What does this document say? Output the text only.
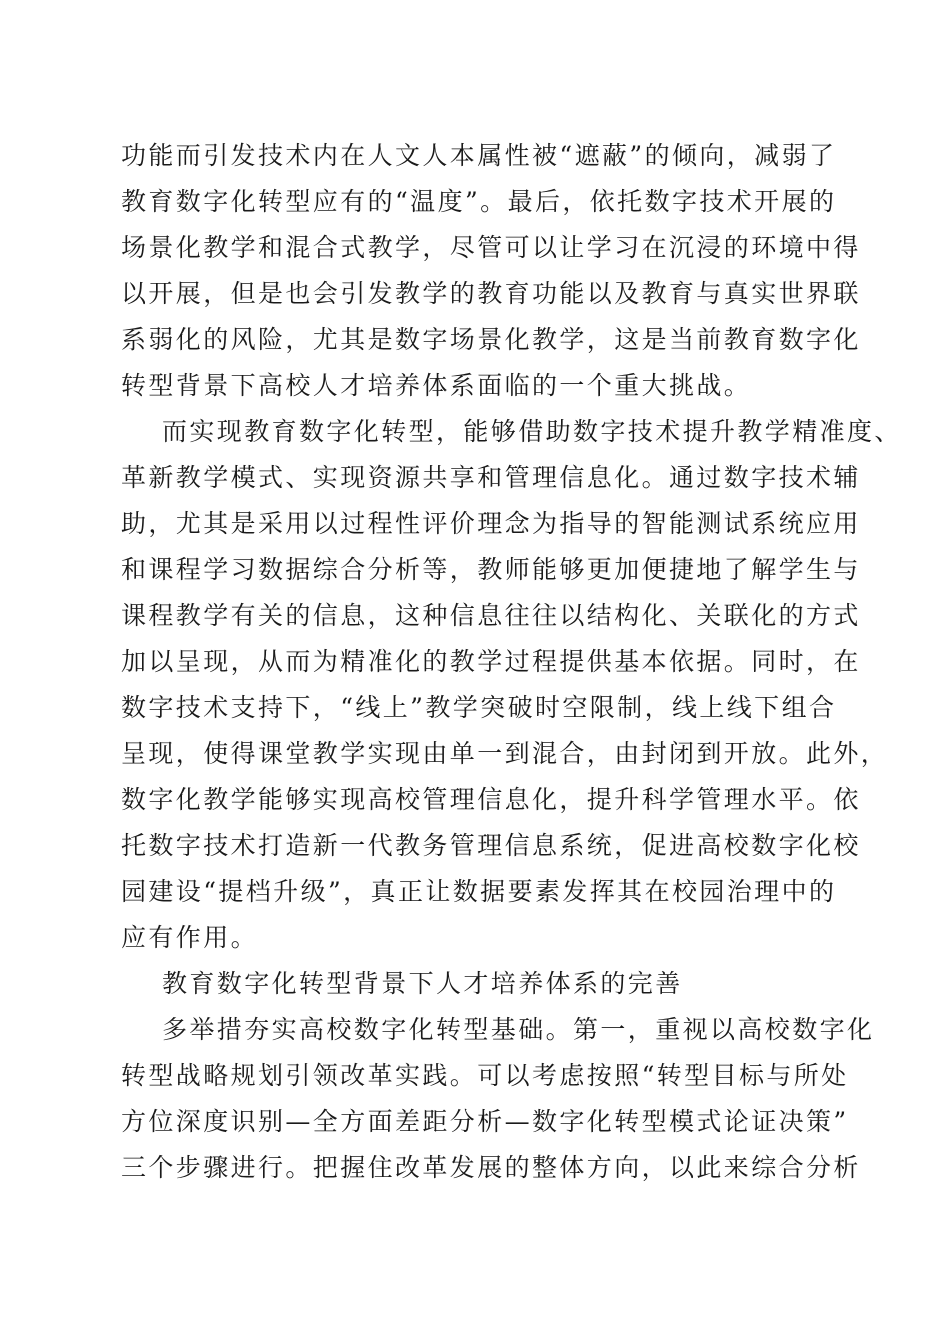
功能而引发技术内在人文人本属性被“遮蔽”的倾向，减弱了
教育数字化转型应有的“温度”。最后，依托数字技术开展的
场景化教学和混合式教学，尽管可以让学习在沉浸的环境中得
以开展，但是也会引发教学的教育功能以及教育与真实世界联
系弱化的风险，尤其是数字场景化教学，这是当前教育数字化
转型背景下高校人才培养体系面临的一个重大挑战。
而实现教育数字化转型，能够借助数字技术提升教学精准度、
革新教学模式、实现资源共享和管理信息化。通过数字技术辅
助，尤其是采用以过程性评价理念为指导的智能测试系统应用
和课程学习数据综合分析等，教师能够更加便捷地了解学生与
课程教学有关的信息，这种信息往往以结构化、关联化的方式
加以呈现，从而为精准化的教学过程提供基本依据。同时，在
数字技术支持下，“线上”教学突破时空限制，线上线下组合
呈现，使得课堂教学实现由单一到混合，由封闭到开放。此外，
数字化教学能够实现高校管理信息化，提升科学管理水平。依
托数字技术打造新一代教务管理信息系统，促进高校数字化校
园建设“提档升级”，真正让数据要素发挥其在校园治理中的
应有作用。
教育数字化转型背景下人才培养体系的完善
多举措夯实高校数字化转型基础。第一，重视以高校数字化
转型战略规划引领改革实践。可以考虑按照“转型目标与所处
方位深度识别—全方面差距分析—数字化转型模式论证决策”
三个步骤进行。把握住改革发展的整体方向，以此来综合分析
